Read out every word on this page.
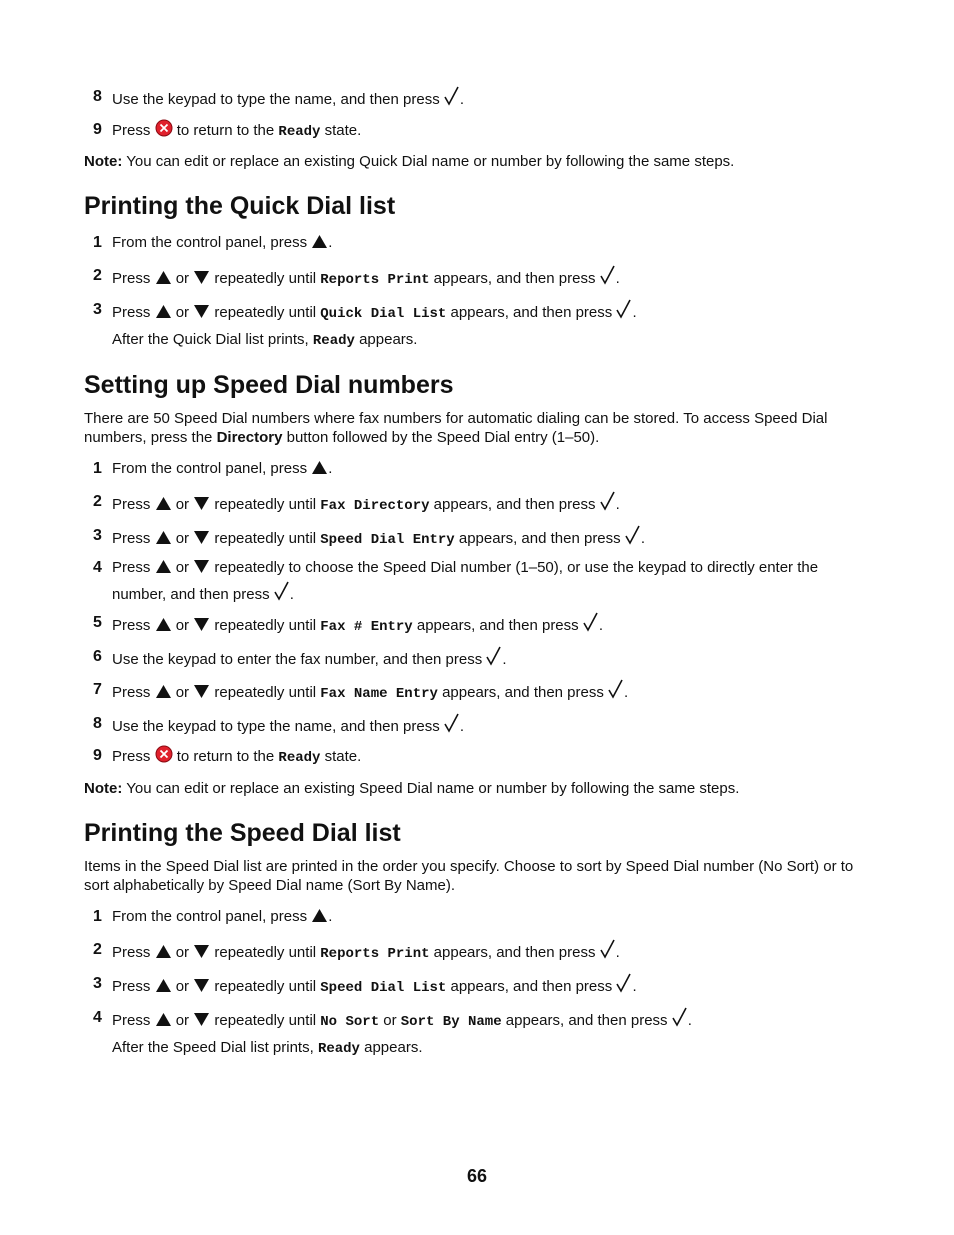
8 Use the keypad to type the name, and then press .
9 Press to return to the Ready state.
Note: You can edit or replace an existing Quick Dial name or number by following the same steps.
Printing the Quick Dial list
1 From the control panel, press .
2 Press or repeatedly until Reports Print appears, and then press .
3 Press or repeatedly until Quick Dial List appears, and then press .
After the Quick Dial list prints, Ready appears.
Setting up Speed Dial numbers
There are 50 Speed Dial numbers where fax numbers for automatic dialing can be stored. To access Speed Dial numbers, press the Directory button followed by the Speed Dial entry (1–50).
1 From the control panel, press .
2 Press or repeatedly until Fax Directory appears, and then press .
3 Press or repeatedly until Speed Dial Entry appears, and then press .
4 Press or repeatedly to choose the Speed Dial number (1–50), or use the keypad to directly enter the number, and then press .
5 Press or repeatedly until Fax # Entry appears, and then press .
6 Use the keypad to enter the fax number, and then press .
7 Press or repeatedly until Fax Name Entry appears, and then press .
8 Use the keypad to type the name, and then press .
9 Press to return to the Ready state.
Note: You can edit or replace an existing Speed Dial name or number by following the same steps.
Printing the Speed Dial list
Items in the Speed Dial list are printed in the order you specify. Choose to sort by Speed Dial number (No Sort) or to sort alphabetically by Speed Dial name (Sort By Name).
1 From the control panel, press .
2 Press or repeatedly until Reports Print appears, and then press .
3 Press or repeatedly until Speed Dial List appears, and then press .
4 Press or repeatedly until No Sort or Sort By Name appears, and then press .
After the Speed Dial list prints, Ready appears.
66
